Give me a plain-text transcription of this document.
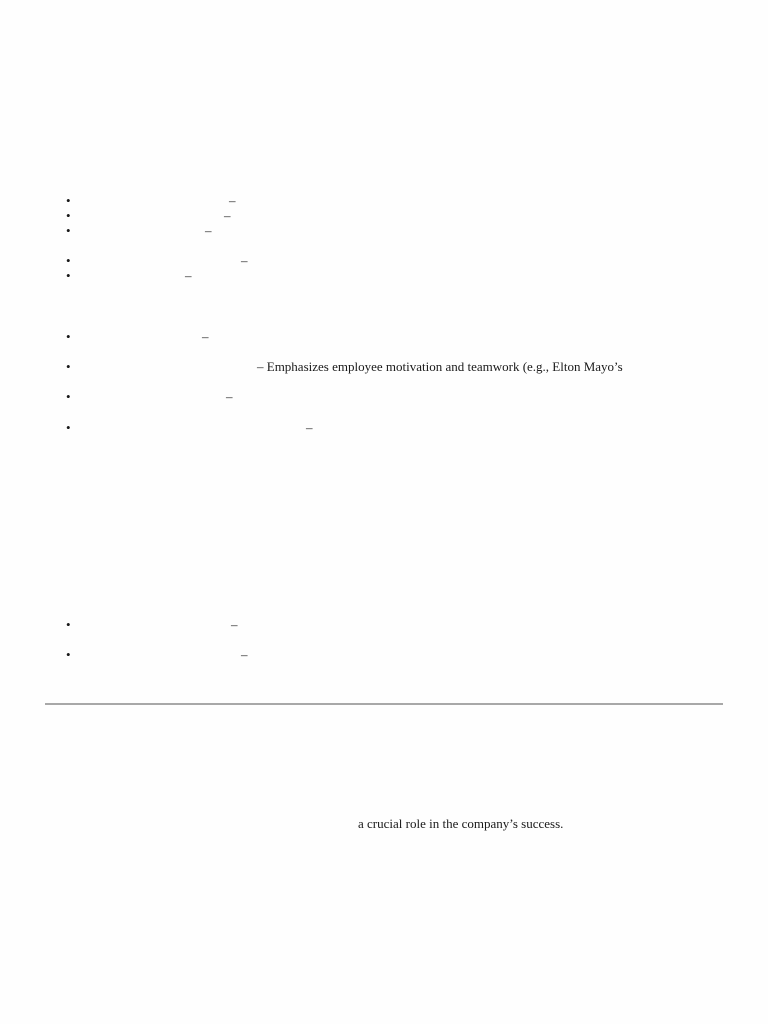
•	–
•	–
•	–
•	–
•	–
•	–
•	– Emphasizes employee motivation and teamwork (e.g., Elton Mayo’s
•	–
•	–
•	–
•	–
a crucial role in the company’s success.
